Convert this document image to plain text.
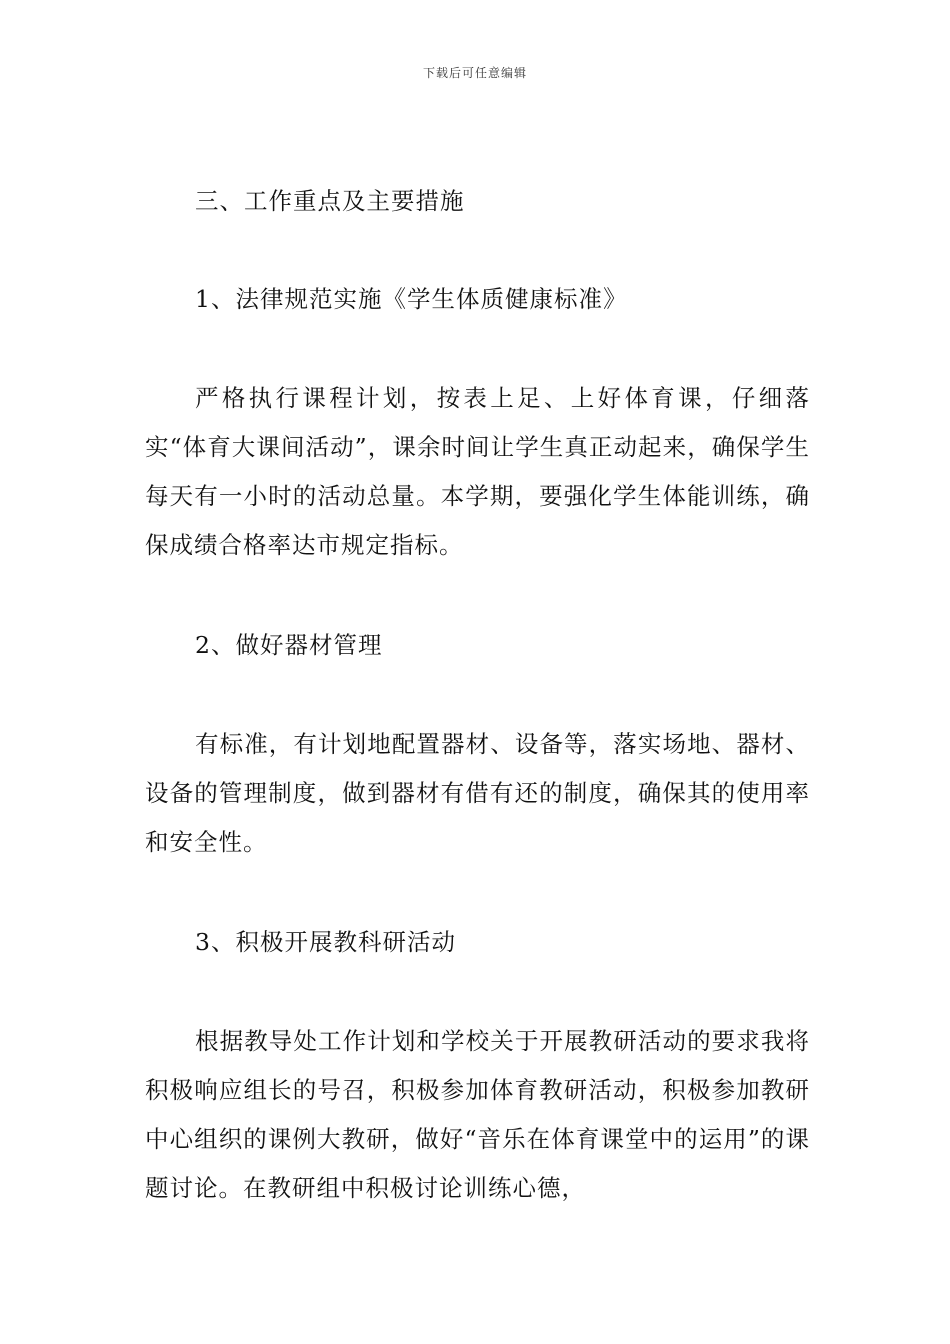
下载后可任意编辑
三、工作重点及主要措施
1、法律规范实施《学生体质健康标准》
严格执行课程计划，按表上足、上好体育课，仔细落实“体育大课间活动”，课余时间让学生真正动起来，确保学生每天有一小时的活动总量。本学期，要强化学生体能训练，确保成绩合格率达市规定指标。
2、做好器材管理
有标准，有计划地配置器材、设备等，落实场地、器材、设备的管理制度，做到器材有借有还的制度，确保其的使用率和安全性。
3、积极开展教科研活动
根据教导处工作计划和学校关于开展教研活动的要求我将积极响应组长的号召，积极参加体育教研活动，积极参加教研中心组织的课例大教研，做好“音乐在体育课堂中的运用”的课题讨论。在教研组中积极讨论训练心德，
